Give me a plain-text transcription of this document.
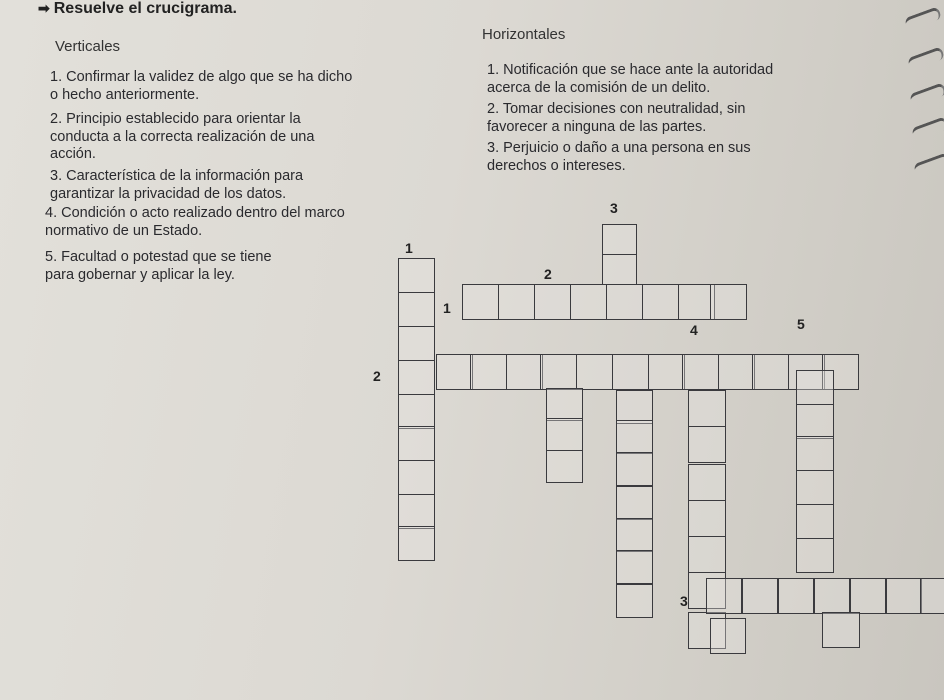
➡ Resuelve el crucigrama.
Verticales
Horizontales

1. Confirmar la validez de algo que se ha dicho
o hecho anteriormente.

2. Principio establecido para orientar la
conducta a la correcta realización de una
acción.

3. Característica de la información para
garantizar la privacidad de los datos.

4. Condición o acto realizado dentro del marco
normativo de un Estado.

5. Facultad o potestad que se tiene
para gobernar y aplicar la ley.

1. Notificación que se hace ante la autoridad
acerca de la comisión de un delito.

2. Tomar decisiones con neutralidad, sin
favorecer a ninguna de las partes.

3. Perjuicio o daño a una persona en sus
derechos o intereses.

1
1
2
2
3
4	5
3
